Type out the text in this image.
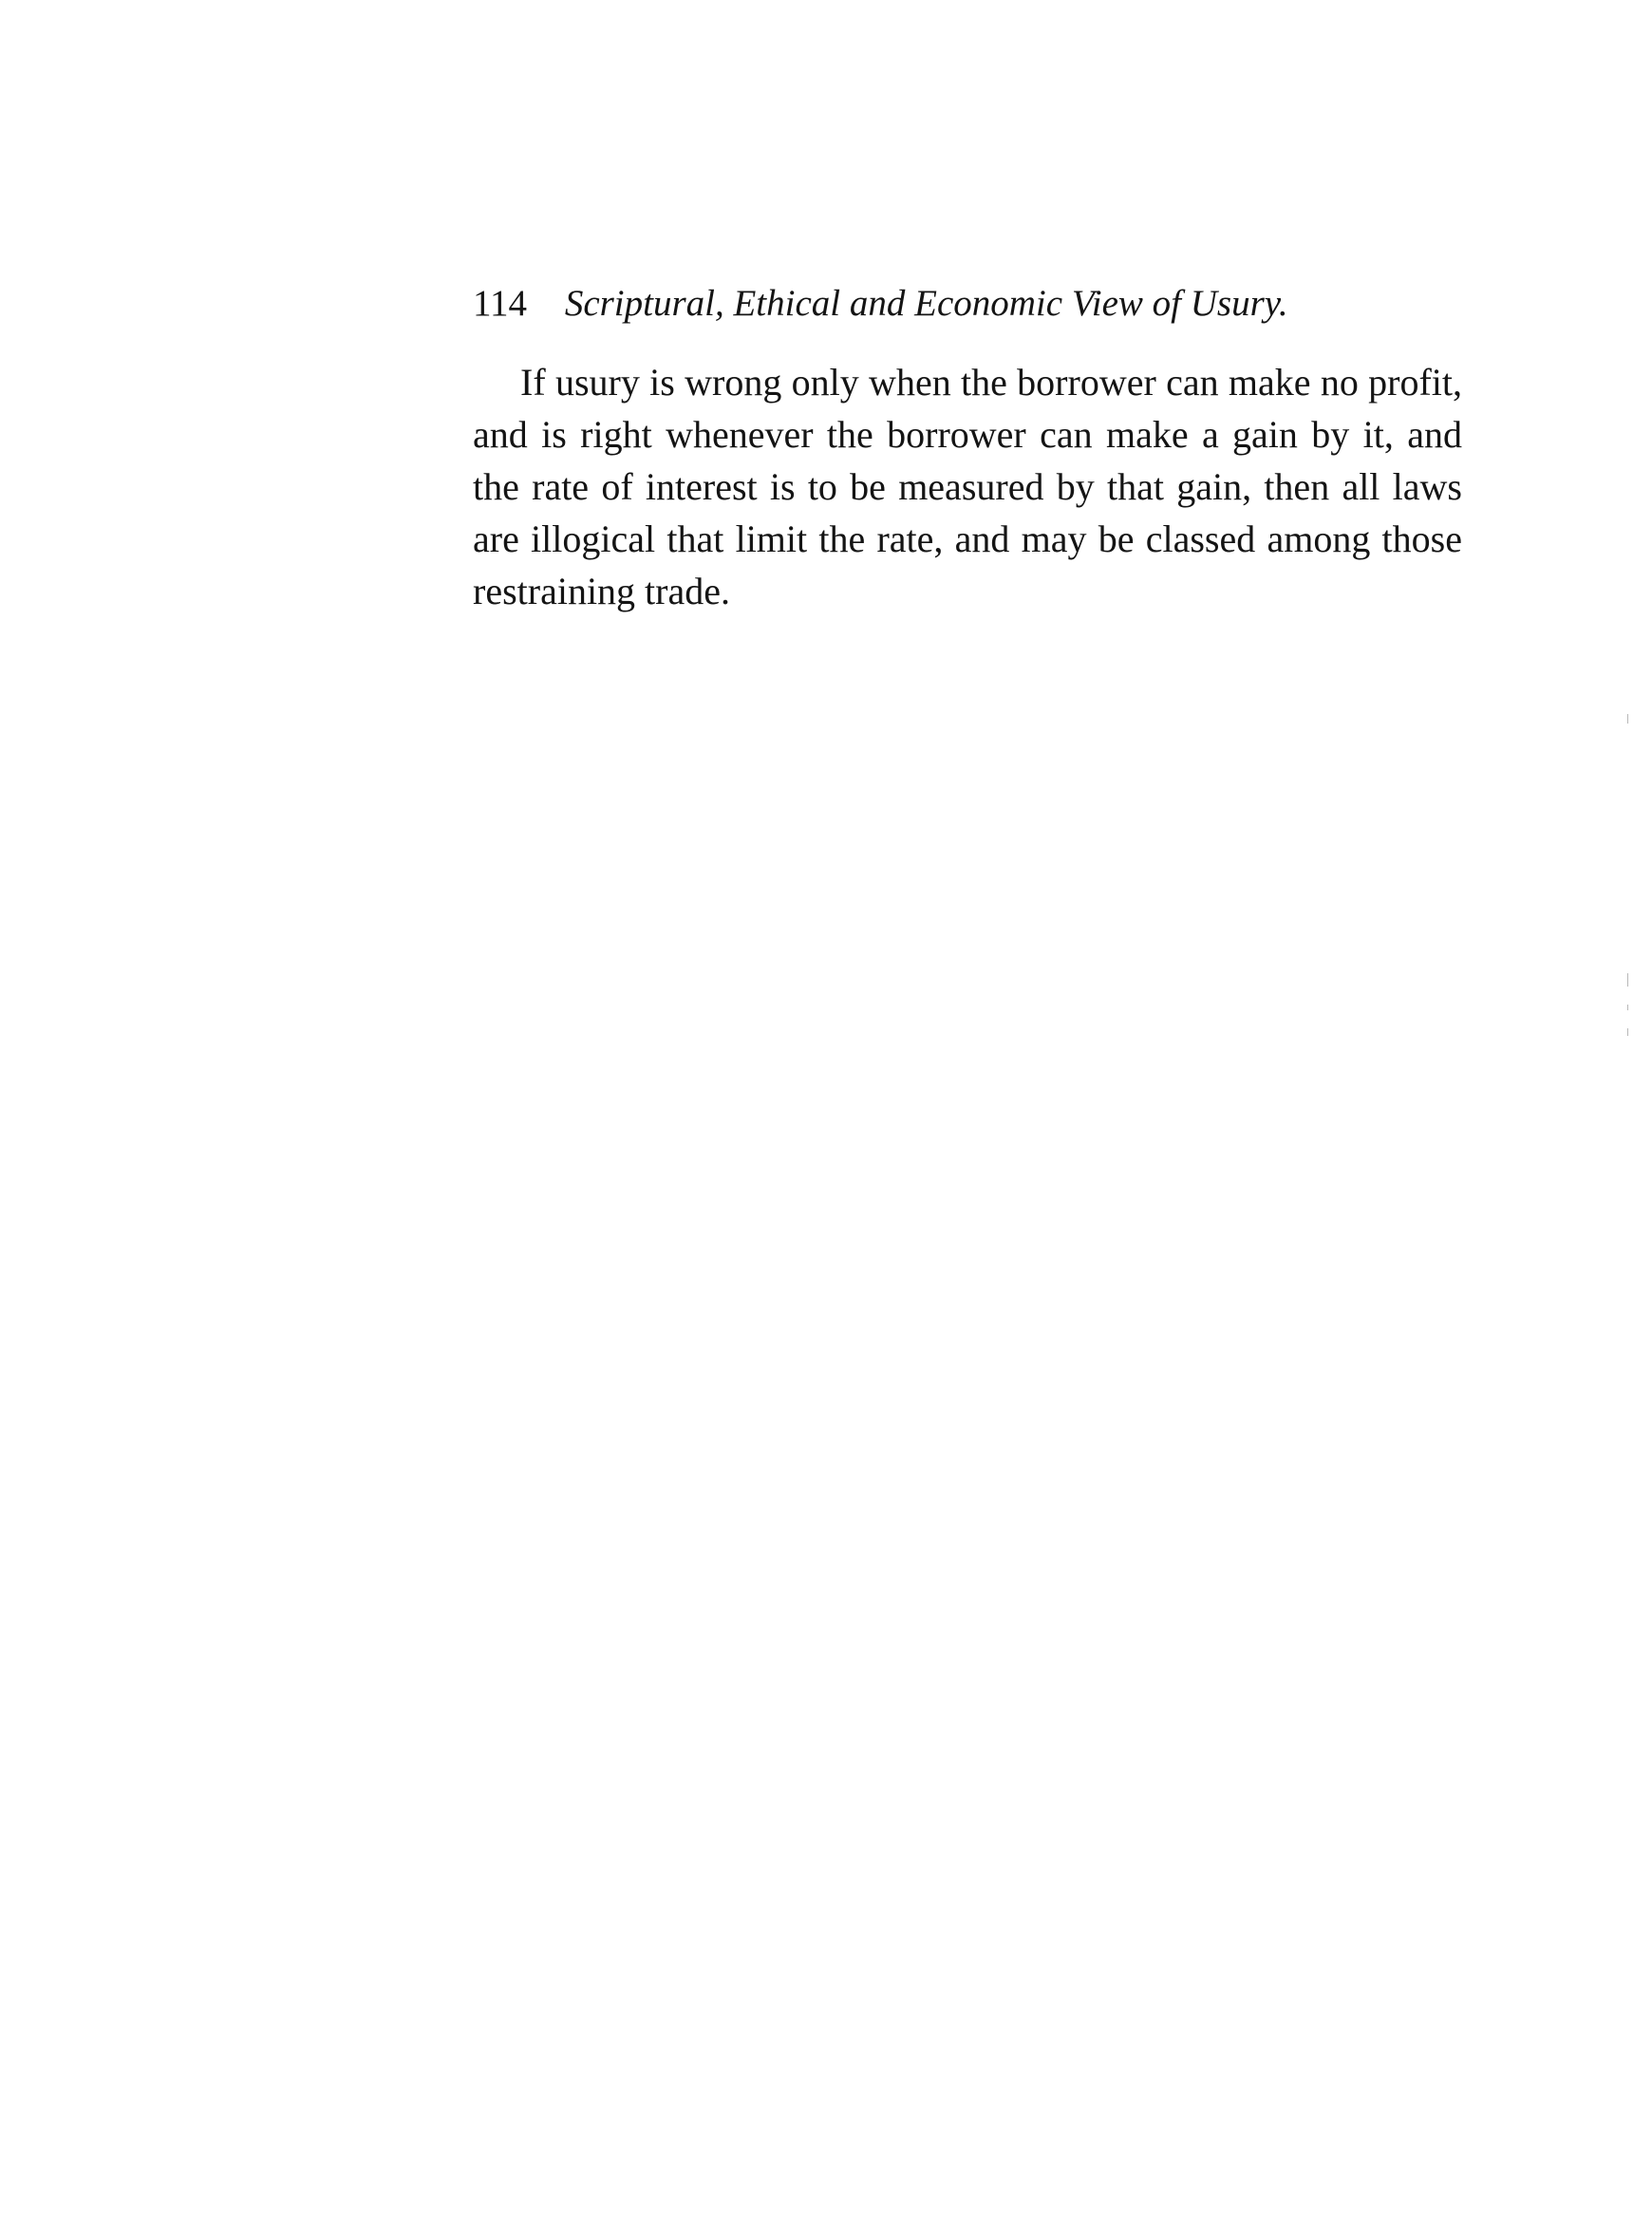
114 Scriptural, Ethical and Economic View of Usury.

If usury is wrong only when the borrower can make no profit, and is right whenever the borrower can make a gain by it, and the rate of interest is to be measured by that gain, then all laws are illogical that limit the rate, and may be classed among those restraining trade.
